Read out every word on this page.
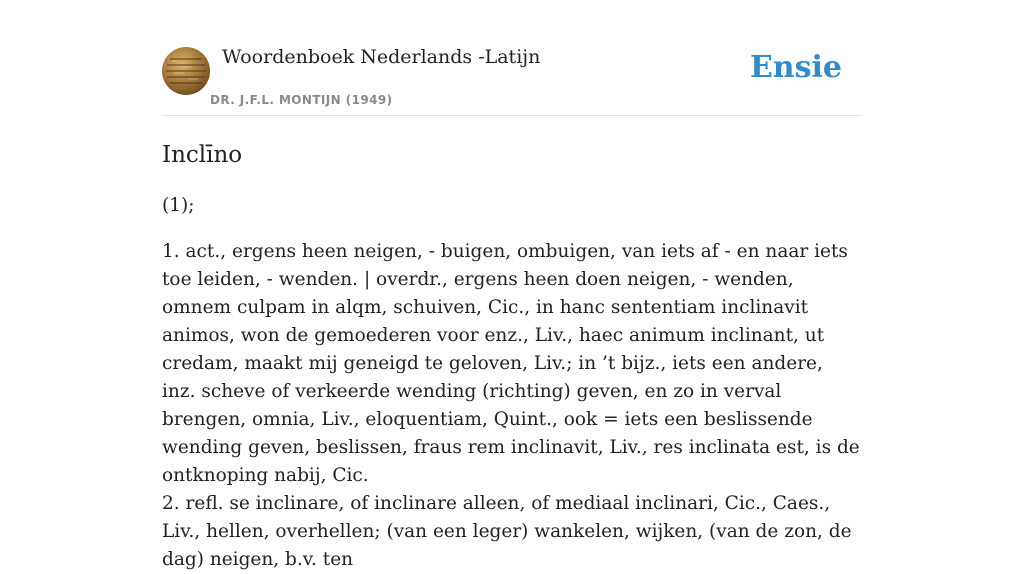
Woordenboek Nederlands -Latijn
DR. J.F.L. MONTIJN (1949)
Ensie
Inclīno

(1);

1. act., ergens heen neigen, - buigen, ombuigen, van iets af - en naar iets toe leiden, - wenden. | overdr., ergens heen doen neigen, - wenden, omnem culpam in alqm, schuiven, Cic., in hanc sententiam inclinavit animos, won de gemoederen voor enz., Liv., haec animum inclinant, ut credam, maakt mij geneigd te geloven, Liv.; in ’t bijz., iets een andere, inz. scheve of verkeerde wending (richting) geven, en zo in verval brengen, omnia, Liv., eloquentiam, Quint., ook = iets een beslissende wending geven, beslissen, fraus rem inclinavit, Liv., res inclinata est, is de ontknoping nabij, Cic.

2. refl. se inclinare, of inclinare alleen, of mediaal inclinari, Cic., Caes., Liv., hellen, overhellen; (van een leger) wankelen, wijken, (van de zon, de dag) neigen, b.v. ten
